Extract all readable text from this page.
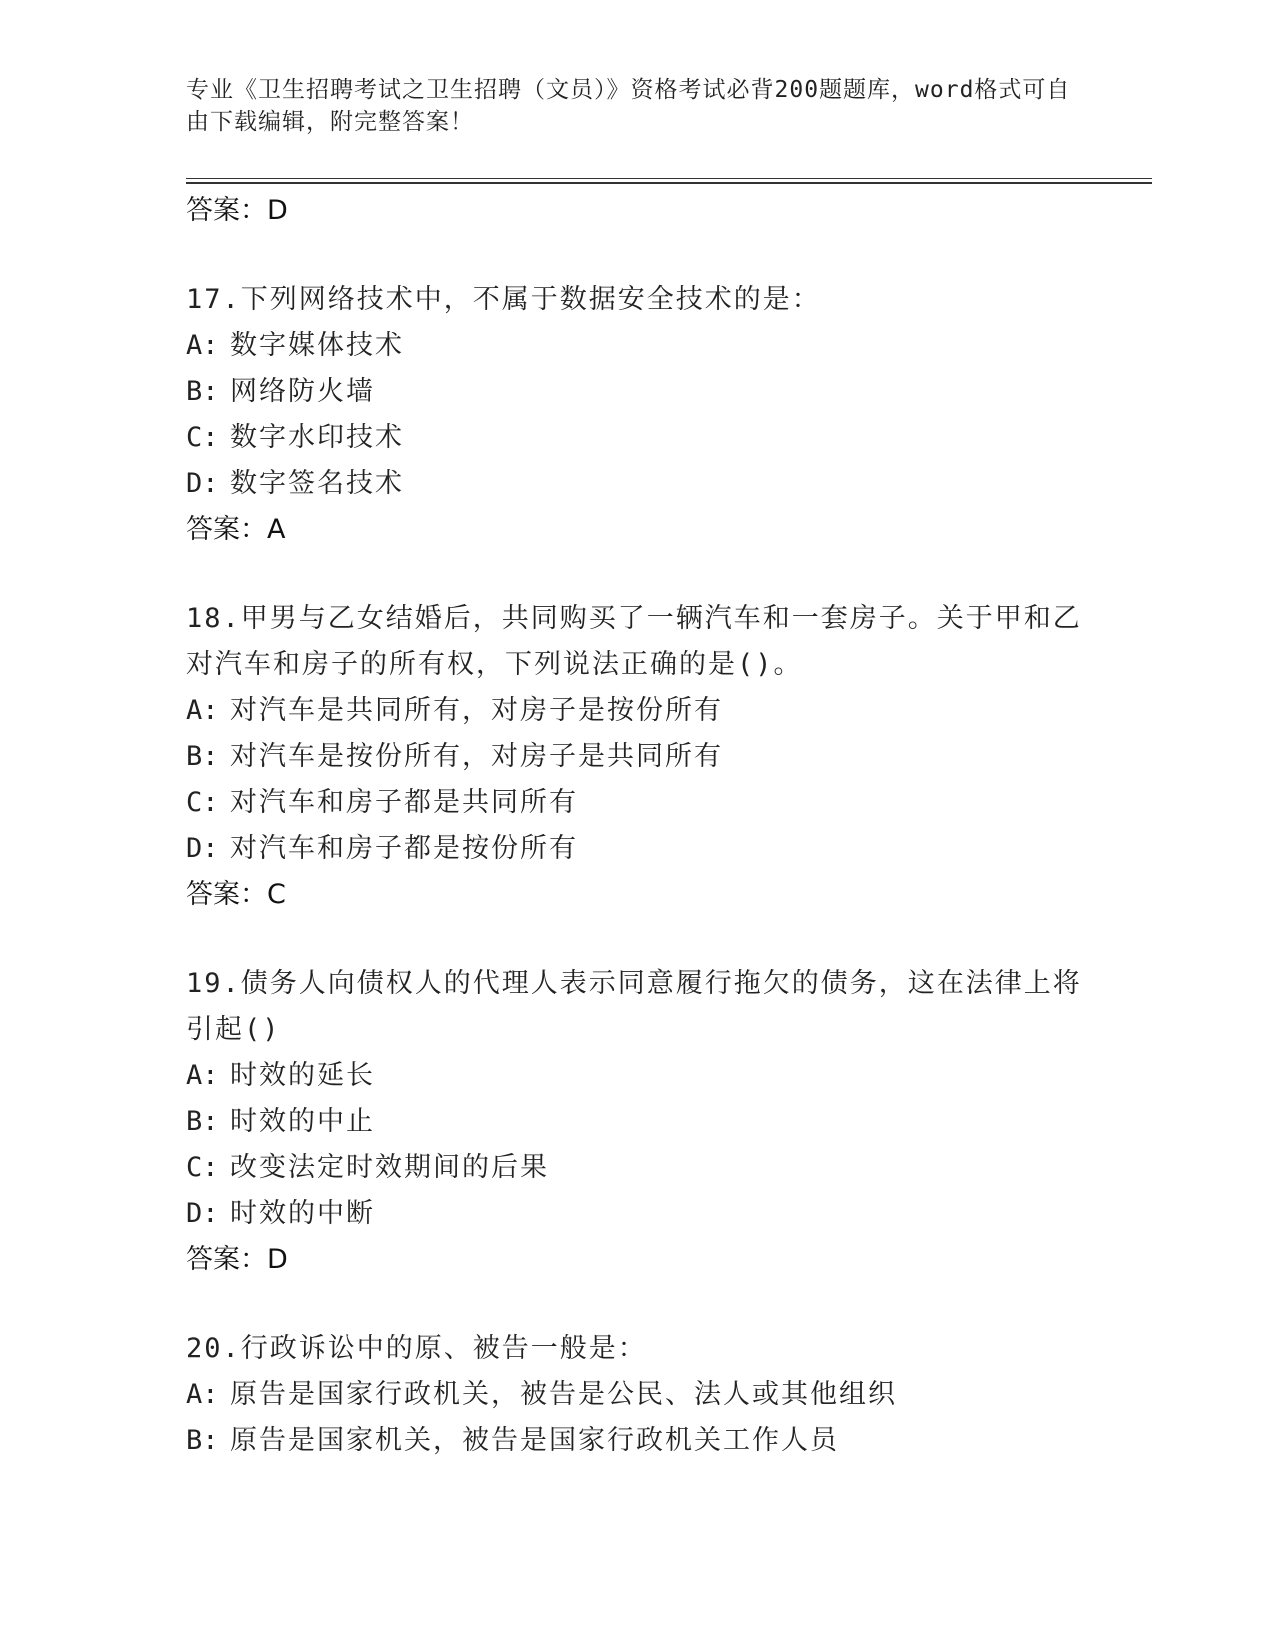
专业《卫生招聘考试之卫生招聘（文员）》资格考试必背200题题库，word格式可自由下载编辑，附完整答案！
答案：D
17.下列网络技术中，不属于数据安全技术的是：
A: 数字媒体技术
B: 网络防火墙
C: 数字水印技术
D: 数字签名技术
答案：A
18.甲男与乙女结婚后，共同购买了一辆汽车和一套房子。关于甲和乙对汽车和房子的所有权，下列说法正确的是()。
A: 对汽车是共同所有，对房子是按份所有
B: 对汽车是按份所有，对房子是共同所有
C: 对汽车和房子都是共同所有
D: 对汽车和房子都是按份所有
答案：C
19.债务人向债权人的代理人表示同意履行拖欠的债务，这在法律上将引起()
A: 时效的延长
B: 时效的中止
C: 改变法定时效期间的后果
D: 时效的中断
答案：D
20.行政诉讼中的原、被告一般是：
A: 原告是国家行政机关，被告是公民、法人或其他组织
B: 原告是国家机关，被告是国家行政机关工作人员
